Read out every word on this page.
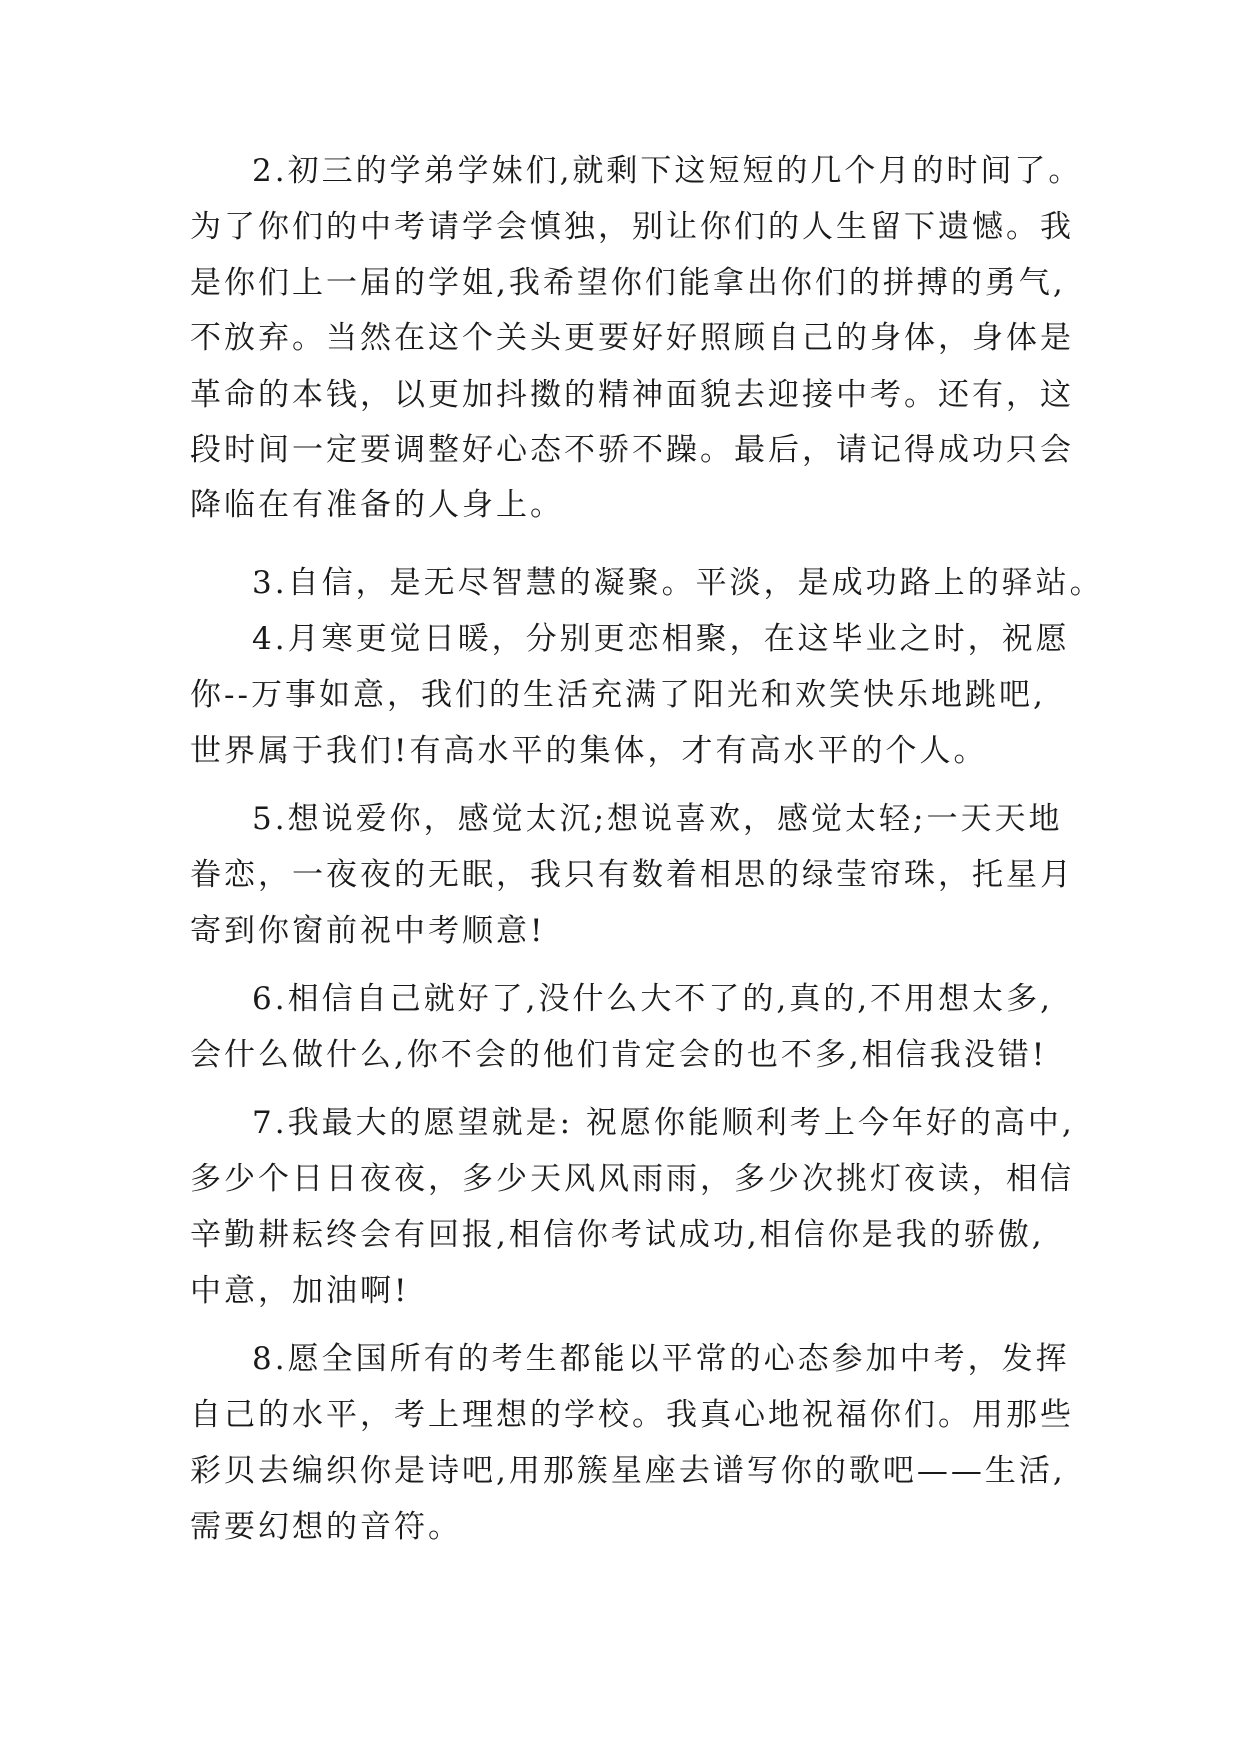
2.初三的学弟学妹们,就剩下这短短的几个月的时间了。
为了你们的中考请学会慎独，别让你们的人生留下遗憾。我
是你们上一届的学姐,我希望你们能拿出你们的拼搏的勇气,
不放弃。当然在这个关头更要好好照顾自己的身体，身体是
革命的本钱，以更加抖擞的精神面貌去迎接中考。还有，这
段时间一定要调整好心态不骄不躁。最后，请记得成功只会
降临在有准备的人身上。
3.自信，是无尽智慧的凝聚。平淡，是成功路上的驿站。
4.月寒更觉日暖，分别更恋相聚，在这毕业之时，祝愿
你--万事如意，我们的生活充满了阳光和欢笑快乐地跳吧,
世界属于我们!有高水平的集体，才有高水平的个人。
5.想说爱你，感觉太沉;想说喜欢，感觉太轻;一天天地
眷恋，一夜夜的无眠，我只有数着相思的绿莹帘珠，托星月
寄到你窗前祝中考顺意!
6.相信自己就好了,没什么大不了的,真的,不用想太多,
会什么做什么,你不会的他们肯定会的也不多,相信我没错!
7.我最大的愿望就是: 祝愿你能顺利考上今年好的高中,
多少个日日夜夜，多少天风风雨雨，多少次挑灯夜读，相信
辛勤耕耘终会有回报,相信你考试成功,相信你是我的骄傲,
中意，加油啊!
8.愿全国所有的考生都能以平常的心态参加中考，发挥
自己的水平，考上理想的学校。我真心地祝福你们。用那些
彩贝去编织你是诗吧,用那簇星座去谱写你的歌吧——生活,
需要幻想的音符。
